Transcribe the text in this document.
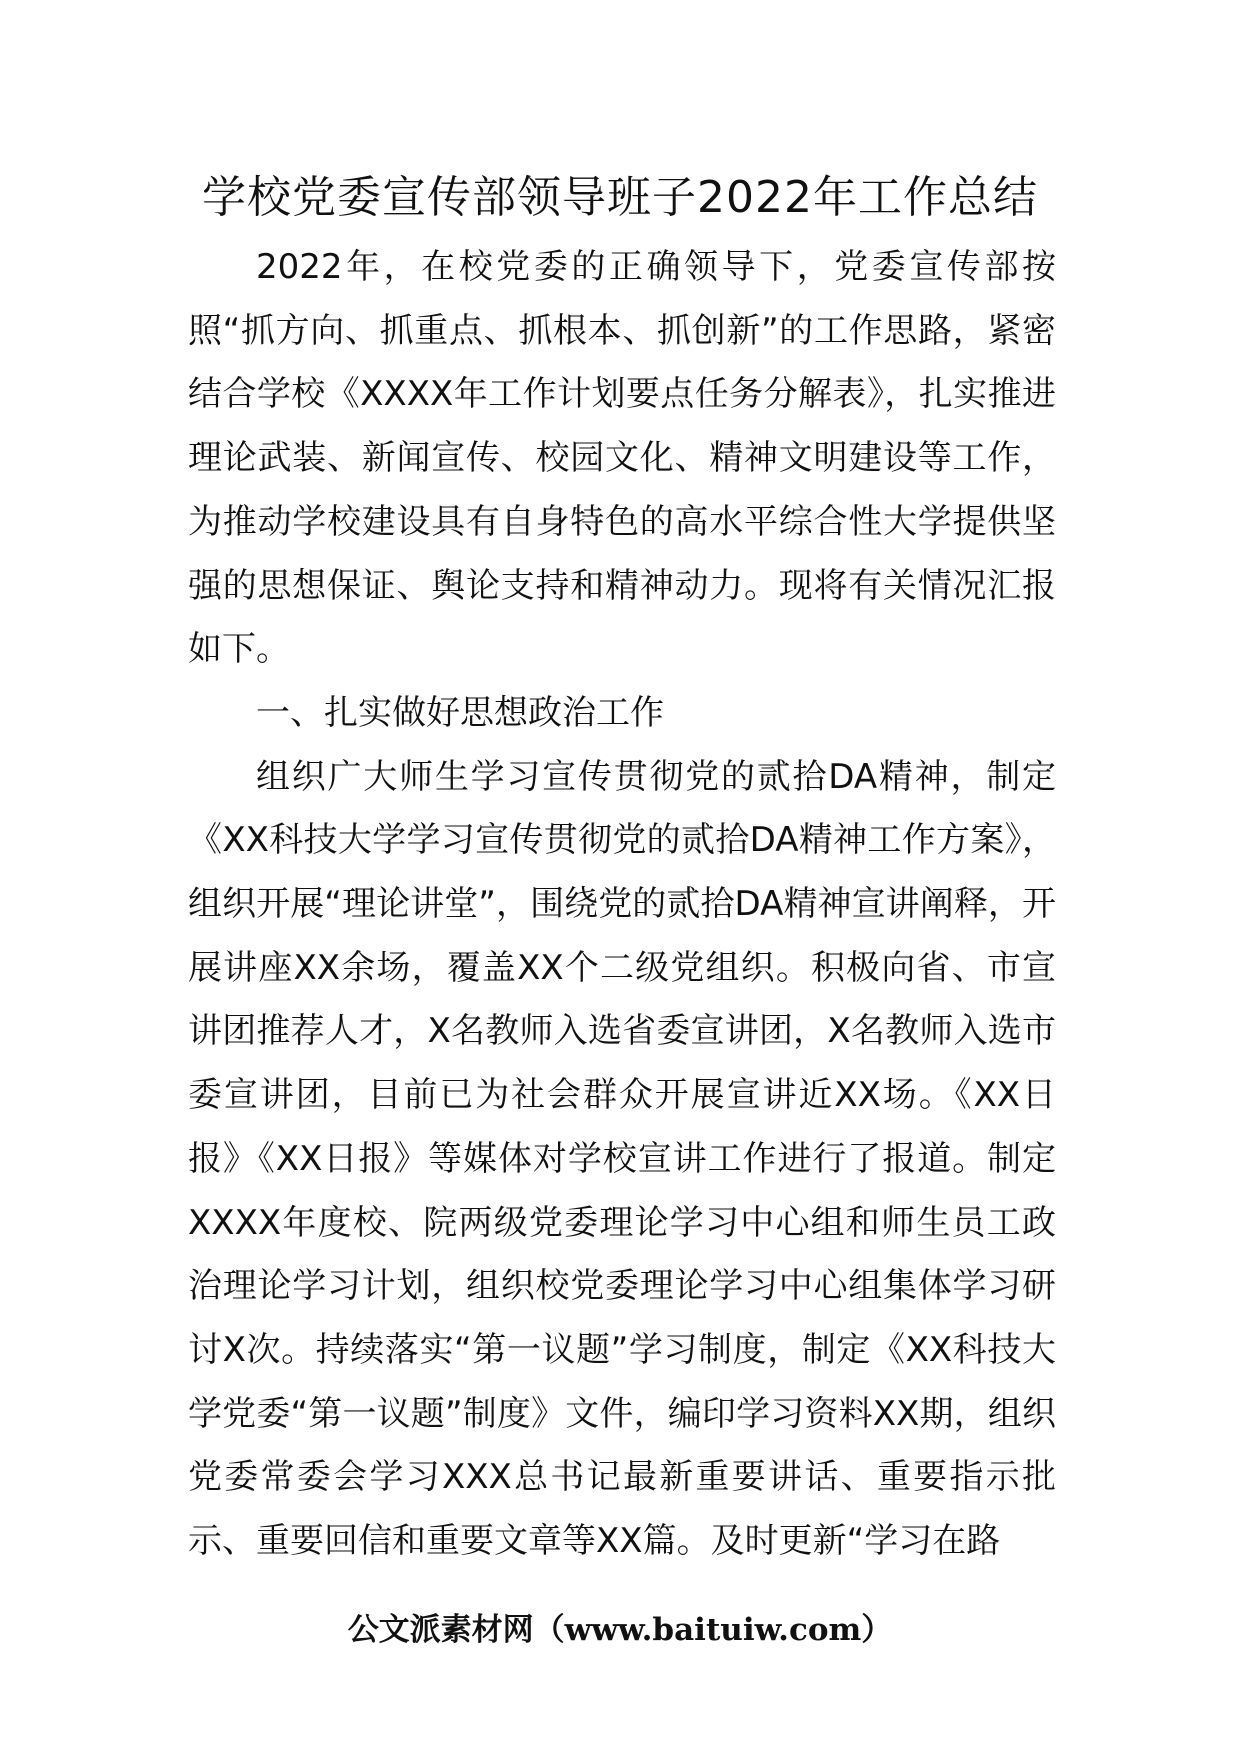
学校党委宣传部领导班子2022年工作总结

2022年，在校党委的正确领导下，党委宣传部按照“抓方向、抓重点、抓根本、抓创新”的工作思路，紧密结合学校《XXXX年工作计划要点任务分解表》，扎实推进理论武装、新闻宣传、校园文化、精神文明建设等工作，为推动学校建设具有自身特色的高水平综合性大学提供坚强的思想保证、舆论支持和精神动力。现将有关情况汇报如下。

一、扎实做好思想政治工作

组织广大师生学习宣传贯彻党的贰拾DA精神，制定《XX科技大学学习宣传贯彻党的贰拾DA精神工作方案》，组织开展“理论讲堂”，围绕党的贰拾DA精神宣讲阐释，开展讲座XX余场，覆盖XX个二级党组织。积极向省、市宣讲团推荐人才，X名教师入选省委宣讲团，X名教师入选市委宣讲团，目前已为社会群众开展宣讲近XX场。《XX日报》《XX日报》等媒体对学校宣讲工作进行了报道。制定XXXX年度校、院两级党委理论学习中心组和师生员工政治理论学习计划，组织校党委理论学习中心组集体学习研讨X次。持续落实“第一议题”学习制度，制定《XX科技大学党委“第一议题”制度》文件，编印学习资料XX期，组织党委常委会学习XXX总书记最新重要讲话、重要指示批示、重要回信和重要文章等XX篇。及时更新“学习在路

公文派素材网（www.baituiw.com）
